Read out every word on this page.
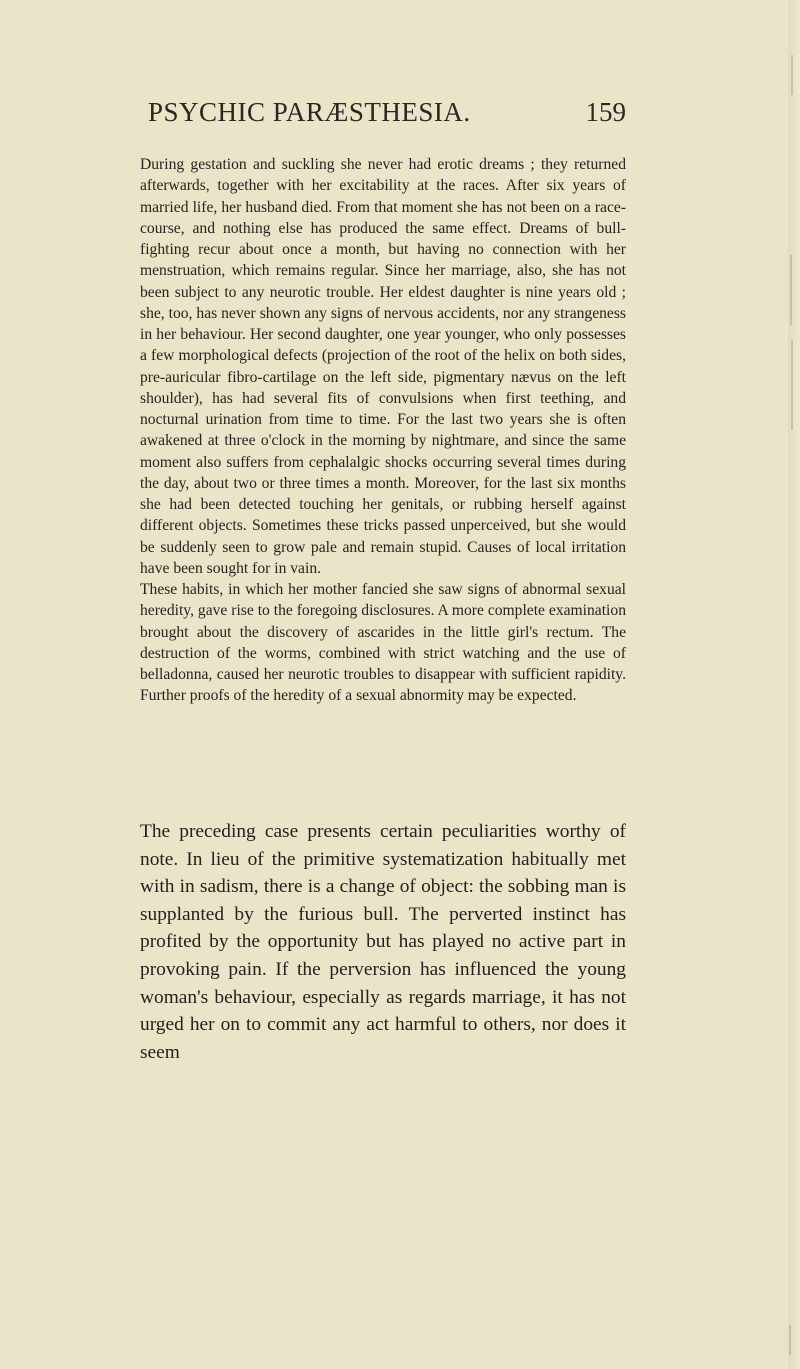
PSYCHIC PARÆSTHESIA.	159

During gestation and suckling she never had erotic dreams ; they returned afterwards, together with her excitability at the races. After six years of married life, her husband died. From that moment she has not been on a race-course, and nothing else has produced the same effect. Dreams of bull-fighting recur about once a month, but having no connection with her menstruation, which remains regular. Since her marriage, also, she has not been subject to any neurotic trouble. Her eldest daughter is nine years old ; she, too, has never shown any signs of nervous accidents, nor any strangeness in her behaviour. Her second daughter, one year younger, who only possesses a few morphological defects (projection of the root of the helix on both sides, pre-auricular fibro-cartilage on the left side, pigmentary nævus on the left shoulder), has had several fits of convulsions when first teething, and nocturnal urination from time to time. For the last two years she is often awakened at three o'clock in the morning by nightmare, and since the same moment also suffers from cephalalgic shocks occurring several times during the day, about two or three times a month. Moreover, for the last six months she had been detected touching her genitals, or rubbing herself against different objects. Sometimes these tricks passed unperceived, but she would be suddenly seen to grow pale and remain stupid. Causes of local irritation have been sought for in vain.

These habits, in which her mother fancied she saw signs of abnormal sexual heredity, gave rise to the foregoing disclosures. A more complete examination brought about the discovery of ascarides in the little girl's rectum. The destruction of the worms, combined with strict watching and the use of belladonna, caused her neurotic troubles to disappear with sufficient rapidity. Further proofs of the heredity of a sexual abnormity may be expected.

The preceding case presents certain peculiarities worthy of note. In lieu of the primitive systematization habitually met with in sadism, there is a change of object: the sobbing man is supplanted by the furious bull. The perverted instinct has profited by the opportunity but has played no active part in provoking pain. If the perversion has influenced the young woman's behaviour, especially as regards marriage, it has not urged her on to commit any act harmful to others, nor does it seem
